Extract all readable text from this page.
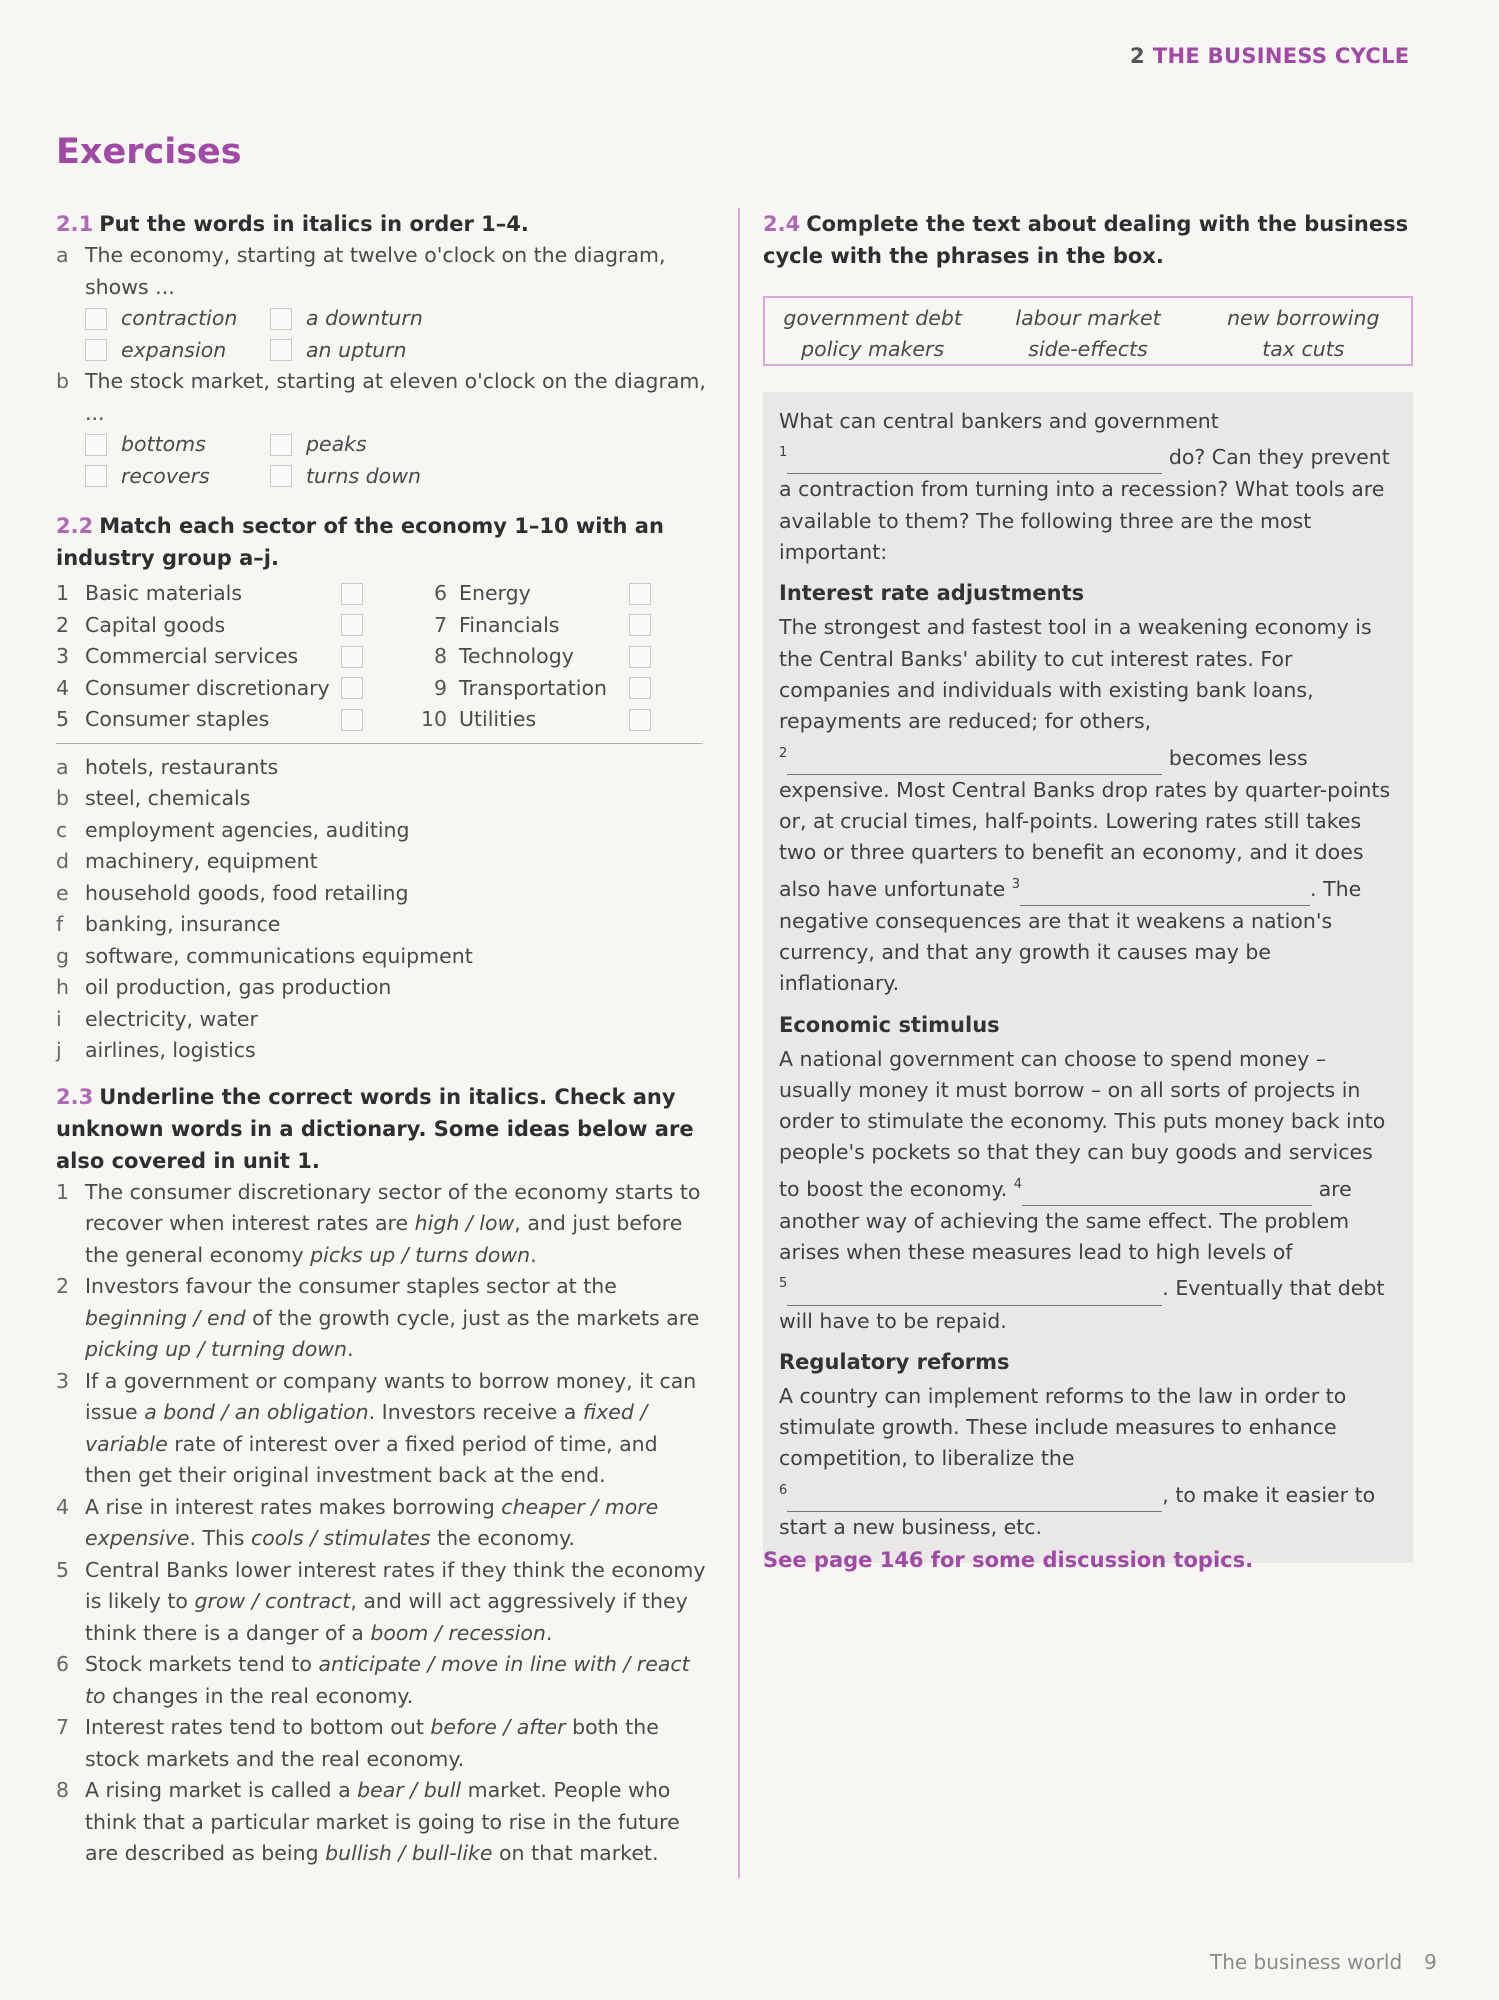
2 THE BUSINESS CYCLE
Exercises

2.1 Put the words in italics in order 1–4.

a The economy, starting at twelve o'clock on the diagram, shows ...
contraction	a downturn
expansion	an upturn
b The stock market, starting at eleven o'clock on the diagram, ...
bottoms	peaks
recovers	turns down

2.2 Match each sector of the economy 1–10 with an industry group a–j.

1 Basic materials	6 Energy
2 Capital goods	7 Financials
3 Commercial services	8 Technology
4 Consumer discretionary	9 Transportation
5 Consumer staples	10 Utilities
a hotels, restaurants
b steel, chemicals
c employment agencies, auditing
d machinery, equipment
e household goods, food retailing
f	banking, insurance
g software, communications equipment
h oil production, gas production
i	electricity, water
j	airlines, logistics

2.3 Underline the correct words in italics. Check any unknown words in a dictionary. Some ideas below are also covered in unit 1.

1 The consumer discretionary sector of the economy starts to recover when interest rates are high / low, and just before the general economy picks up / turns down.
2 Investors favour the consumer staples sector at the beginning / end of the growth cycle, just as the markets are picking up / turning down.
3 If a government or company wants to borrow money, it can issue a bond / an obligation. Investors receive a fixed / variable rate of interest over a fixed period of time, and then get their original investment back at the end.
4 A rise in interest rates makes borrowing cheaper / more expensive. This cools / stimulates the economy.
5 Central Banks lower interest rates if they think the economy is likely to grow / contract, and will act aggressively if they think there is a danger of a boom / recession.
6 Stock markets tend to anticipate / move in line with / react to changes in the real economy.
7 Interest rates tend to bottom out before / after both the stock markets and the real economy.
8 A rising market is called a bear / bull market. People who think that a particular market is going to rise in the future are described as being bullish / bull-like on that market.

2.4 Complete the text about dealing with the business cycle with the phrases in the box.

government debt	labour market	new borrowing
policy makers	side-effects	tax cuts
What can central bankers and government
$^1$	do? Can they prevent a contraction from turning into a recession? What tools are available to them? The following three are the most important:
Interest rate adjustments
The strongest and fastest tool in a weakening economy is the Central Banks' ability to cut interest rates. For companies and individuals with existing bank loans, repayments are reduced; for others,
$^2$	becomes less expensive. Most Central Banks drop rates by quarter-points or, at crucial times, half-points. Lowering rates still takes two or three quarters to benefit an economy, and it does also have unfortunate $^3$	. The negative consequences are that it weakens a nation's currency, and that any growth it causes may be inflationary.
Economic stimulus
A national government can choose to spend money – usually money it must borrow – on all sorts of projects in order to stimulate the economy. This puts money back into people's pockets so that they can buy goods and services to boost the economy. $^4$	are another way of achieving the same effect. The problem arises when these measures lead to high levels of
$^5$	. Eventually that debt will have to be repaid.
Regulatory reforms
A country can implement reforms to the law in order to stimulate growth. These include measures to enhance competition, to liberalize the
$^6$	, to make it easier to start a new business, etc.
See page 146 for some discussion topics.
The business world 9
